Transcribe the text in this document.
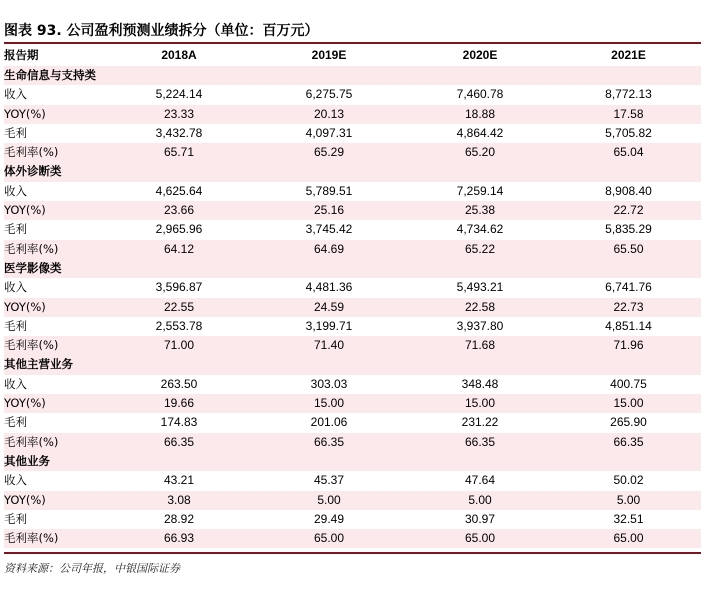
图表 93. 公司盈利预测业绩拆分（单位：百万元）
报告期	2018A	2019E	2020E	2021E
生命信息与支持类				
收入	5,224.14	6,275.75	7,460.78	8,772.13
YOY(%)	23.33	20.13	18.88	17.58
毛利	3,432.78	4,097.31	4,864.42	5,705.82
毛利率(%)	65.71	65.29	65.20	65.04
体外诊断类				
收入	4,625.64	5,789.51	7,259.14	8,908.40
YOY(%)	23.66	25.16	25.38	22.72
毛利	2,965.96	3,745.42	4,734.62	5,835.29
毛利率(%)	64.12	64.69	65.22	65.50
医学影像类				
收入	3,596.87	4,481.36	5,493.21	6,741.76
YOY(%)	22.55	24.59	22.58	22.73
毛利	2,553.78	3,199.71	3,937.80	4,851.14
毛利率(%)	71.00	71.40	71.68	71.96
其他主营业务				
收入	263.50	303.03	348.48	400.75
YOY(%)	19.66	15.00	15.00	15.00
毛利	174.83	201.06	231.22	265.90
毛利率(%)	66.35	66.35	66.35	66.35
其他业务				
收入	43.21	45.37	47.64	50.02
YOY(%)	3.08	5.00	5.00	5.00
毛利	28.92	29.49	30.97	32.51
毛利率(%)	66.93	65.00	65.00	65.00
资料来源：公司年报，中银国际证券
